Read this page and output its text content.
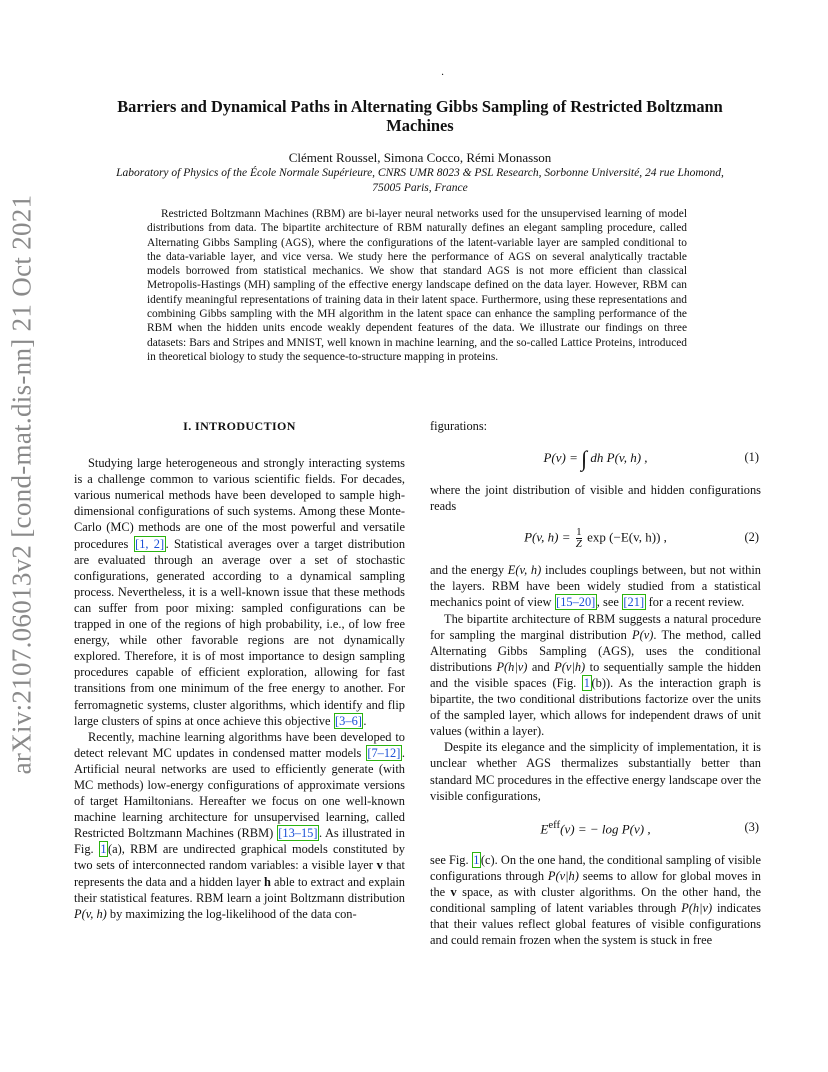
·
arXiv:2107.06013v2 [cond-mat.dis-nn] 21 Oct 2021
Barriers and Dynamical Paths in Alternating Gibbs Sampling of Restricted Boltzmann Machines
Clément Roussel, Simona Cocco, Rémi Monasson
Laboratory of Physics of the École Normale Supérieure, CNRS UMR 8023 & PSL Research, Sorbonne Université, 24 rue Lhomond, 75005 Paris, France
Restricted Boltzmann Machines (RBM) are bi-layer neural networks used for the unsupervised learning of model distributions from data. The bipartite architecture of RBM naturally defines an elegant sampling procedure, called Alternating Gibbs Sampling (AGS), where the configurations of the latent-variable layer are sampled conditional to the data-variable layer, and vice versa. We study here the performance of AGS on several analytically tractable models borrowed from statistical mechanics. We show that standard AGS is not more efficient than classical Metropolis-Hastings (MH) sampling of the effective energy landscape defined on the data layer. However, RBM can identify meaningful representations of training data in their latent space. Furthermore, using these representations and combining Gibbs sampling with the MH algorithm in the latent space can enhance the sampling performance of the RBM when the hidden units encode weakly dependent features of the data. We illustrate our findings on three datasets: Bars and Stripes and MNIST, well known in machine learning, and the so-called Lattice Proteins, introduced in theoretical biology to study the sequence-to-structure mapping in proteins.
I. INTRODUCTION

Studying large heterogeneous and strongly interacting systems is a challenge common to various scientific fields. For decades, various numerical methods have been developed to sample high-dimensional configurations of such systems. Among these Monte-Carlo (MC) methods are one of the most powerful and versatile procedures [1, 2] . Statistical averages over a target distribution are evaluated through an average over a set of stochastic configurations, generated according to a dynamical sampling process. Nevertheless, it is a well-known issue that these methods can suffer from poor mixing: sampled configurations can be trapped in one of the regions of high probability, i.e., of low free energy, while other favorable regions are not dynamically explored. Therefore, it is of most importance to design sampling procedures capable of efficient exploration, allowing for fast transitions from one minimum of the free energy to another. For ferromagnetic systems, cluster algorithms, which identify and flip large clusters of spins at once achieve this objective [3–6] .

Recently, machine learning algorithms have been developed to detect relevant MC updates in condensed matter models [7–12] . Artificial neural networks are used to efficiently generate (with MC methods) low-energy configurations of approximate versions of target Hamiltonians. Hereafter we focus on one well-known machine learning architecture for unsupervised learning, called Restricted Boltzmann Machines (RBM) [13–15] . As illustrated in Fig. 1 (a), RBM are undirected graphical models constituted by two sets of interconnected random variables: a visible layer v that represents the data and a hidden layer h able to extract and explain their statistical features. RBM learn a joint Boltzmann distribution P(v, h) by maximizing the log-likelihood of the data con-

figurations:

P(v) = ∫ dh P(v, h) ,	(1)

where the joint distribution of visible and hidden configurations reads

P(v, $h) = \frac{1}{Z}$ exp (−E(v, h)) ,	(2)

and the energy E(v, h) includes couplings between, but not within the layers. RBM have been widely studied from a statistical mechanics point of view [15–20] , see [21] for a recent review.

The bipartite architecture of RBM suggests a natural procedure for sampling the marginal distribution P(v). The method, called Alternating Gibbs Sampling (AGS), uses the conditional distributions P(h|v) and P(v|h) to sequentially sample the hidden and the visible spaces (Fig. 1 (b)). As the interaction graph is bipartite, the two conditional distributions factorize over the units of the sampled layer, which allows for independent draws of unit values (within a layer).

Despite its elegance and the simplicity of implementation, it is unclear whether AGS thermalizes substantially better than standard MC procedures in the effective energy landscape over the visible configurations,

$E^{eff}(v)$ = − log P(v) ,	(3)

see Fig. 1 (c). On the one hand, the conditional sampling of visible configurations through P(v|h) seems to allow for global moves in the v space, as with cluster algorithms. On the other hand, the conditional sampling of latent variables through P(h|v) indicates that their values reflect global features of visible configurations and could remain frozen when the system is stuck in free
